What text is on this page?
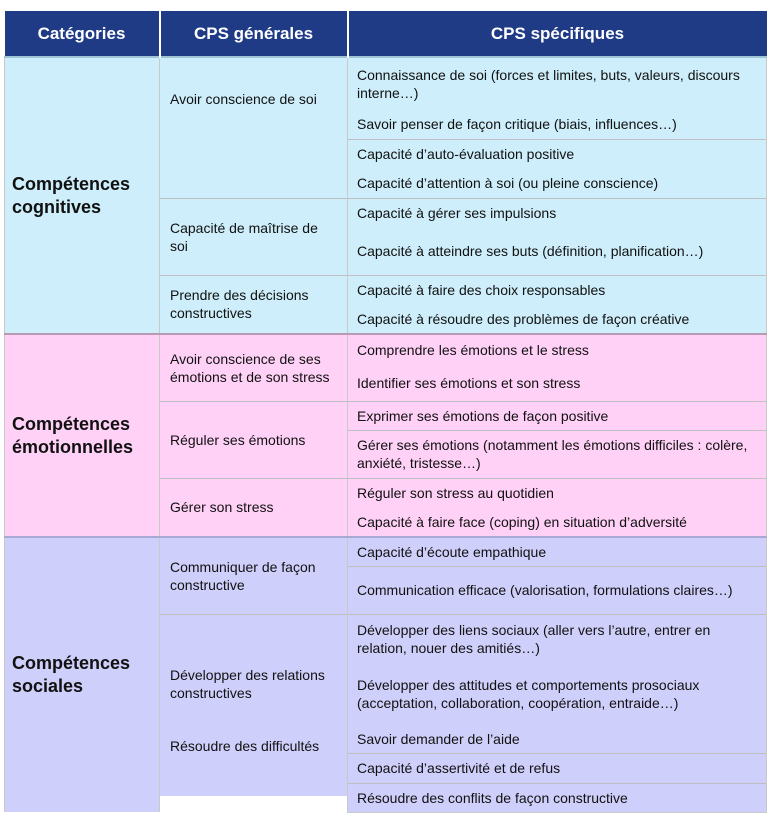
Catégories	CPS générales	CPS spécifiques
Compétences cognitives	Avoir conscience de soi	Connaissance de soi (forces et limites, buts, valeurs, discours interne…)
		Savoir penser de façon critique (biais, influences…)
		Capacité d’auto-évaluation positive
		Capacité d’attention à soi (ou pleine conscience)
	Capacité de maîtrise de soi	Capacité à gérer ses impulsions
		Capacité à atteindre ses buts (définition, planification…)
	Prendre des décisions constructives	Capacité à faire des choix responsables
		Capacité à résoudre des problèmes de façon créative
Compétences émotionnelles	Avoir conscience de ses émotions et de son stress	Comprendre les émotions et le stress
		Identifier ses émotions et son stress
	Réguler ses émotions	Exprimer ses émotions de façon positive
		Gérer ses émotions (notamment les émotions difficiles : colère, anxiété, tristesse…)
	Gérer son stress	Réguler son stress au quotidien
		Capacité à faire face (coping) en situation d’adversité
Compétences sociales	Communiquer de façon constructive	Capacité d’écoute empathique
		Communication efficace (valorisation, formulations claires…)
	Développer des relations constructives	Développer des liens sociaux (aller vers l’autre, entrer en relation, nouer des amitiés…)
		Développer des attitudes et comportements prosociaux (acceptation, collaboration, coopération, entraide…)
		Savoir demander de l’aide
	Résoudre des difficultés	Capacité d’assertivité et de refus
		Résoudre des conflits de façon constructive
